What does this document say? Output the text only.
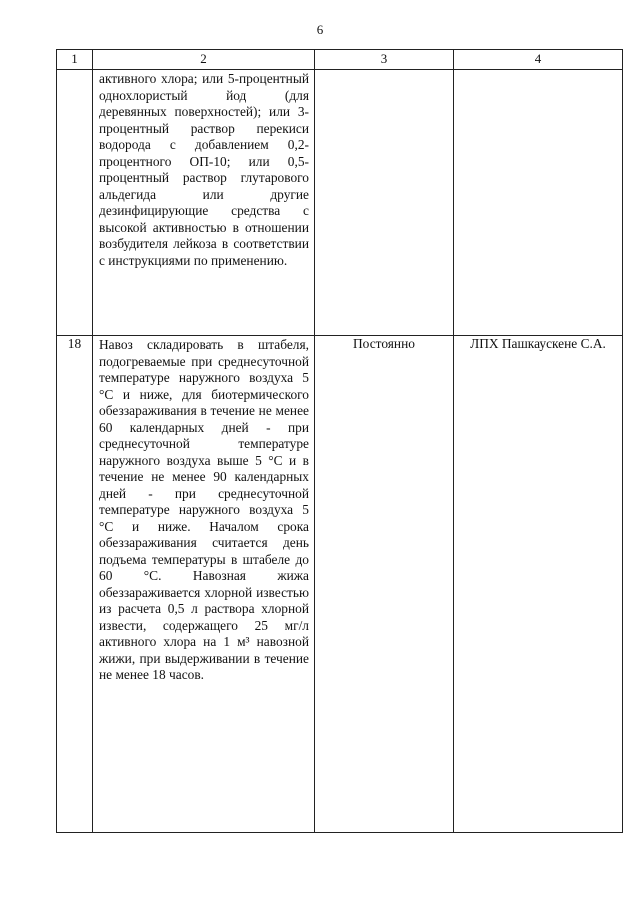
6
1	2	3	4

	активного хлора; или 5-процентный однохлористый йод (для деревянных поверхностей); или 3-процентный раствор перекиси водорода с добавлением 0,2-процентного ОП-10; или 0,5-процентный раствор глутарового альдегида или другие дезинфицирующие средства с высокой активностью в отношении возбудителя лейкоза в соответствии с инструкциями по применению.		

18	Навоз складировать в штабеля, подогреваемые при среднесуточной температуре наружного воздуха 5 °С и ниже, для биотермического обеззараживания в течение не менее 60 календарных дней - при среднесуточной температуре наружного воздуха выше 5 °С и в течение не менее 90 календарных дней - при среднесуточной температуре наружного воздуха 5 °С и ниже. Началом срока обеззараживания считается день подъема температуры в штабеле до 60 °С. Навозная жижа обеззараживается хлорной известью из расчета 0,5 л раствора хлорной извести, содержащего 25 мг/л активного хлора на 1 м³ навозной жижи, при выдерживании в течение не менее 18 часов.	Постоянно	ЛПХ Пашкаускене С.А.
